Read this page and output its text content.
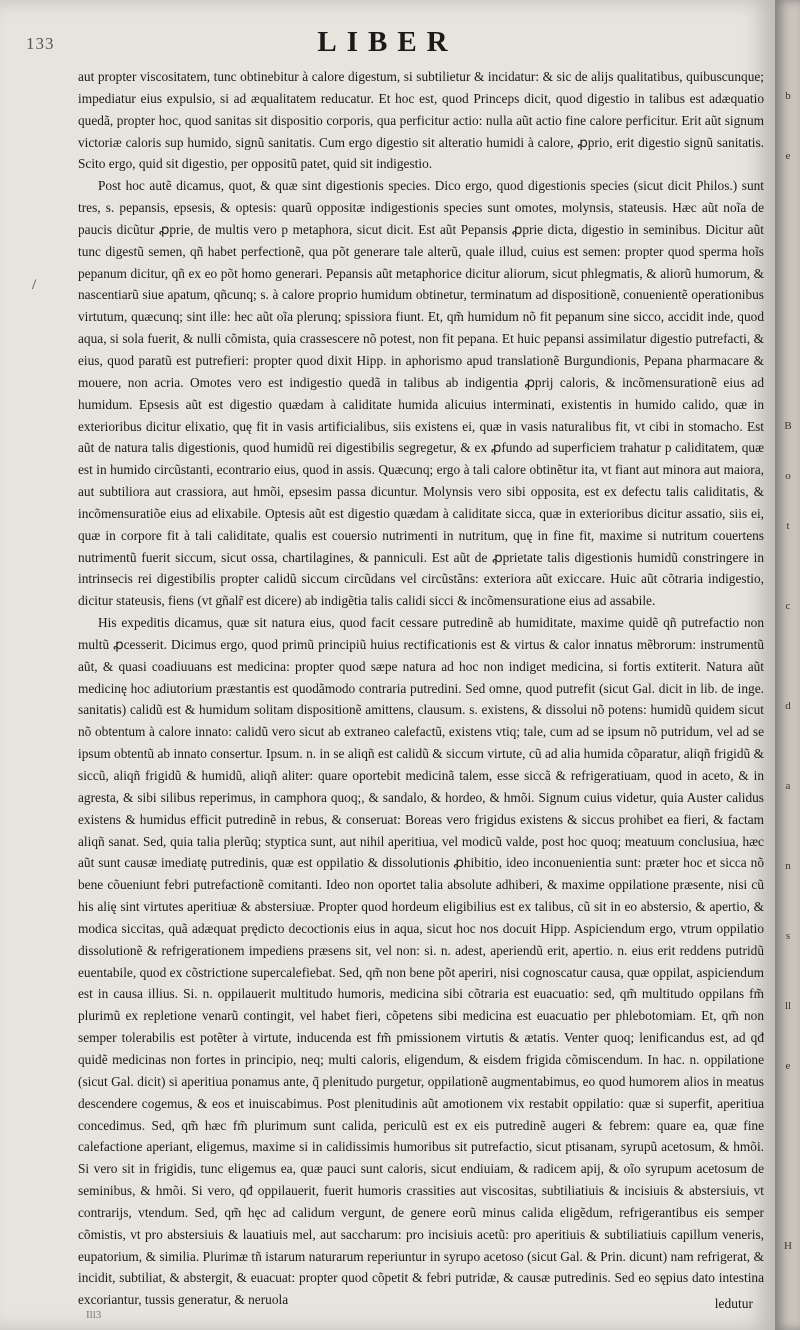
133	LIBER
/

aut propter viscositatem, tunc obtinebitur à calore digestum, si subtilietur & incidatur: & sic de alijs qualitatibus, quibuscunque; impediatur eius expulsio, si ad æqualitatem reducatur. Et hoc est, quod Princeps dicit, quod digestio in talibus est adæquatio quedã, propter hoc, quod sanitas sit dispositio corporis, qua perficitur actio: nulla aũt actio fine calore perficitur. Erit aũt signum victoriæ caloris sup humido, signũ sanitatis. Cum ergo digestio sit alteratio humidi à calore, ꝓprio, erit digestio signũ sanitatis. Scito ergo, quid sit digestio, per oppositũ patet, quid sit indigestio.

Post hoc autẽ dicamus, quot, & quæ sint digestionis species. Dico ergo, quod digestionis species (sicut dicit Philos.) sunt tres, s. pepansis, epsesis, & optesis: quarũ oppositæ indigestionis species sunt omotes, molynsis, stateusis. Hæc aũt noĩa de paucis dicũtur ꝓprie, de multis vero p metaphora, sicut dicit. Est aũt Pepansis ꝓprie dicta, digestio in seminibus. Dicitur aũt tunc digestũ semen, qñ habet perfectionẽ, qua põt generare tale alterũ, quale illud, cuius est semen: propter quod sperma hoĩs pepanum dicitur, qñ ex eo põt homo generari. Pepansis aũt metaphorice dicitur aliorum, sicut phlegmatis, & aliorũ humorum, & nascentiarũ siue apatum, qñcunq; s. à calore proprio humidum obtinetur, terminatum ad dispositionẽ, conuenientẽ operationibus virtutum, quæcunq; sint ille: hec aũt oĩa plerunq; spissiora fiunt. Et, qm̃ humidum nõ fit pepanum sine sicco, accidit inde, quod aqua, si sola fuerit, & nulli cõmista, quia crassescere nõ potest, non fit pepana. Et huic pepansi assimilatur digestio putrefacti, & eius, quod paratũ est putrefieri: propter quod dixit Hipp. in aphorismo apud translationẽ Burgundionis, Pepana pharmacare & mouere, non acria. Omotes vero est indigestio quedã in talibus ab indigentia ꝓprij caloris, & incõmensurationẽ eius ad humidum. Epsesis aũt est digestio quædam à caliditate humida alicuius interminati, existentis in humido calido, quæ in exterioribus dicitur elixatio, quę fit in vasis artificialibus, siis existens ei, quæ in vasis naturalibus fit, vt cibi in stomacho. Est aũt de natura talis digestionis, quod humidũ rei digestibilis segregetur, & ex ꝓfundo ad superficiem trahatur p caliditatem, quæ est in humido circũstanti, econtrario eius, quod in assis. Quæcunq; ergo à tali calore obtinẽtur ita, vt fiant aut minora aut maiora, aut subtiliora aut crassiora, aut hmõi, epsesim passa dicuntur. Molynsis vero sibi opposita, est ex defectu talis caliditatis, & incõmensuratiõe eius ad elixabile. Optesis aũt est digestio quædam à caliditate sicca, quæ in exterioribus dicitur assatio, siis ei, quæ in corpore fit à tali caliditate, qualis est couersio nutrimenti in nutritum, quę in fine fit, maxime si nutritum couertens nutrimentũ fuerit siccum, sicut ossa, chartilagines, & panniculi. Est aũt de ꝓprietate talis digestionis humidũ constringere in intrinsecis rei digestibilis propter calidũ siccum circũdans vel circũstãns: exteriora aũt exiccare. Huic aũt cõtraria indigestio, dicitur stateusis, fiens (vt gñalr̃ est dicere) ab indigẽtia talis calidi sicci & incõmensuratione eius ad assabile.

His expeditis dicamus, quæ sit natura eius, quod facit cessare putredinẽ ab humiditate, maxime quidẽ qñ putrefactio non multũ ꝓcesserit. Dicimus ergo, quod primũ principiũ huius rectificationis est & virtus & calor innatus mẽbrorum: instrumentũ aũt, & quasi coadiuuans est medicina: propter quod sæpe natura ad hoc non indiget medicina, si fortis extiterit. Natura aũt medicinę hoc adiutorium præstantis est quodãmodo contraria putredini. Sed omne, quod putrefit (sicut Gal. dicit in lib. de inge. sanitatis) calidũ est & humidum solitam dispositionẽ amittens, clausum. s. existens, & dissolui nõ potens: humidũ quidem sicut nõ obtentum à calore innato: calidũ vero sicut ab extraneo calefactũ, existens vtiq; tale, cum ad se ipsum nõ putridum, vel ad se ipsum obtentũ ab innato consertur. Ipsum. n. in se aliqñ est calidũ & siccum virtute, cũ ad alia humida cõparatur, aliqñ frigidũ & siccũ, aliqñ frigidũ & humidũ, aliqñ aliter: quare oportebit medicinã talem, esse siccã & refrigeratiuam, quod in aceto, & in agresta, & sibi silibus reperimus, in camphora quoq;, & sandalo, & hordeo, & hmõi. Signum cuius videtur, quia Auster calidus existens & humidus efficit putredinẽ in rebus, & conseruat: Boreas vero frigidus existens & siccus prohibet ea fieri, & factam aliqñ sanat. Sed, quia talia plerũq; styptica sunt, aut nihil aperitiua, vel modicũ valde, post hoc quoq; meatuum conclusiua, hæc aũt sunt causæ imediatę putredinis, quæ est oppilatio & dissolutionis ꝓhibitio, ideo inconuenientia sunt: præter hoc et sicca nõ bene cõueniunt febri putrefactionẽ comitanti. Ideo non oportet talia absolute adhiberi, & maxime oppilatione præsente, nisi cũ his alię sint virtutes aperitiuæ & abstersiuæ. Propter quod hordeum eligibilius est ex talibus, cũ sit in eo abstersio, & apertio, & modica siccitas, quã adæquat prędicto decoctionis eius in aqua, sicut hoc nos docuit Hipp. Aspiciendum ergo, vtrum oppilatio dissolutionẽ & refrigerationem impediens præsens sit, vel non: si. n. adest, aperiendũ erit, apertio. n. eius erit reddens putridũ euentabile, quod ex cõstrictione supercalefiebat. Sed, qm̃ non bene põt aperiri, nisi cognoscatur causa, quæ oppilat, aspiciendum est in causa illius. Si. n. oppilauerit multitudo humoris, medicina sibi cõtraria est euacuatio: sed, qm̃ multitudo oppilans fm̃ plurimũ ex repletione venarũ contingit, vel habet fieri, cõpetens sibi medicina est euacuatio per phlebotomiam. Et, qm̃ non semper tolerabilis est potẽter à virtute, inducenda est fm̃ pmissionem virtutis & ætatis. Venter quoq; lenificandus est, ad qđ quidẽ medicinas non fortes in principio, neq; multi caloris, eligendum, & eisdem frigida cõmiscendum. In hac. n. oppilatione (sicut Gal. dicit) si aperitiua ponamus ante, q̃ plenitudo purgetur, oppilationẽ augmentabimus, eo quod humorem alios in meatus descendere cogemus, & eos et inuiscabimus. Post plenitudinis aũt amotionem vix restabit oppilatio: quæ si superfit, aperitiua concedimus. Sed, qm̃ hæc fm̃ plurimum sunt calida, periculũ est ex eis putredinẽ augeri & febrem: quare ea, quæ fine calefactione aperiant, eligemus, maxime si in calidissimis humoribus sit putrefactio, sicut ptisanam, syrupũ acetosum, & hmõi. Si vero sit in frigidis, tunc eligemus ea, quæ pauci sunt caloris, sicut endiuiam, & radicem apij, & oĩo syrupum acetosum de seminibus, & hmõi. Si vero, qđ oppilauerit, fuerit humoris crassities aut viscositas, subtiliatiuis & incisiuis & abstersiuis, vt contrarijs, vtendum. Sed, qm̃ hęc ad calidum vergunt, de genere eorũ minus calida eligẽdum, refrigerantibus eis semper cõmistis, vt pro abstersiuis & lauatiuis mel, aut saccharum: pro incisiuis acetũ: pro aperitiuis & subtiliatiuis capillum veneris, eupatorium, & similia. Plurimæ tñ istarum naturarum reperiuntur in syrupo acetoso (sicut Gal. & Prin. dicunt) nam refrigerat, & incidit, subtiliat, & abstergit, & euacuat: propter quod cõpetit & febri putridæ, & causæ putredinis. Sed eo sępius dato intestina excoriantur, tussis generatur, & neruola	ledutur
Ill3
b
e
B
o
t
c
d
a
n
s
ll
e
H
